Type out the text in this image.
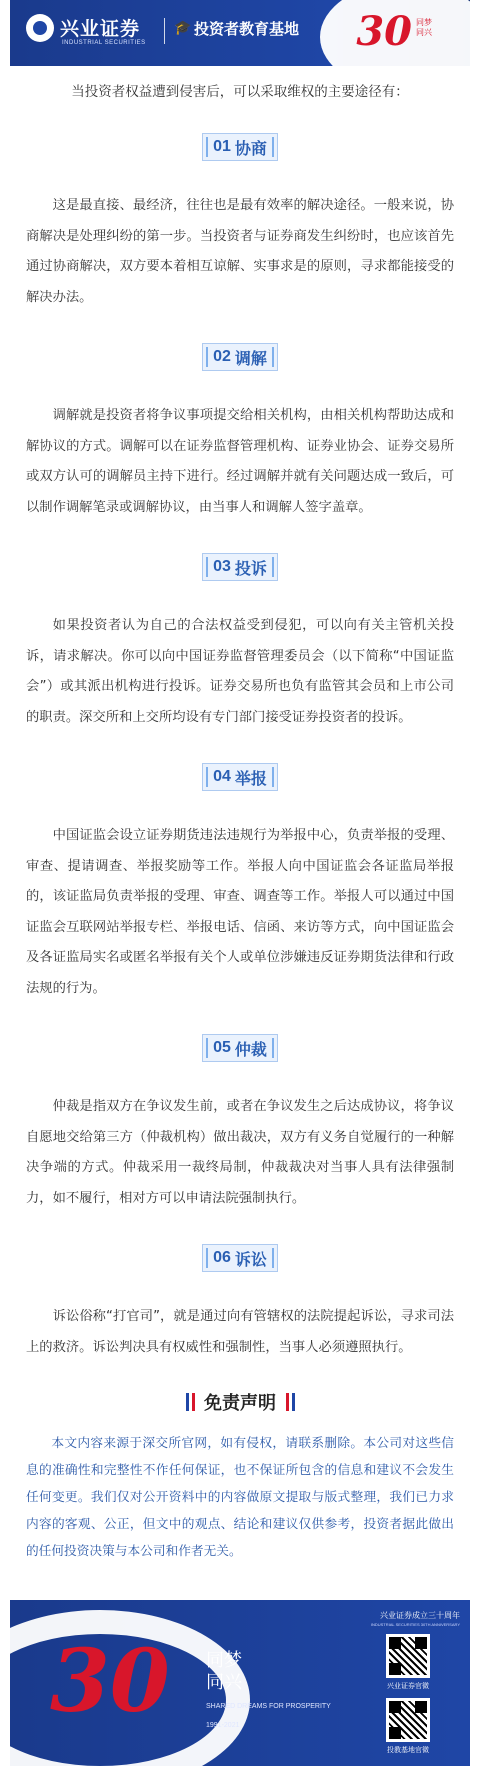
兴业证券
INDUSTRIAL SECURITIES
🎓 投资者教育基地 30 同梦同兴

当投资者权益遭到侵害后，可以采取维权的主要途径有：

01 协商

这是最直接、最经济，往往也是最有效率的解决途径。一般来说，协商解决是处理纠纷的第一步。当投资者与证券商发生纠纷时，也应该首先通过协商解决，双方要本着相互谅解、实事求是的原则，寻求都能接受的解决办法。

02 调解

调解就是投资者将争议事项提交给相关机构，由相关机构帮助达成和解协议的方式。调解可以在证券监督管理机构、证券业协会、证券交易所或双方认可的调解员主持下进行。经过调解并就有关问题达成一致后，可以制作调解笔录或调解协议，由当事人和调解人签字盖章。

03 投诉

如果投资者认为自己的合法权益受到侵犯，可以向有关主管机关投诉，请求解决。你可以向中国证券监督管理委员会（以下简称“中国证监会”）或其派出机构进行投诉。证券交易所也负有监管其会员和上市公司的职责。深交所和上交所均设有专门部门接受证券投资者的投诉。

04 举报

中国证监会设立证券期货违法违规行为举报中心，负责举报的受理、审查、提请调查、举报奖励等工作。举报人向中国证监会各证监局举报的，该证监局负责举报的受理、审查、调查等工作。举报人可以通过中国证监会互联网站举报专栏、举报电话、信函、来访等方式，向中国证监会及各证监局实名或匿名举报有关个人或单位涉嫌违反证券期货法律和行政法规的行为。

05 仲裁

仲裁是指双方在争议发生前，或者在争议发生之后达成协议，将争议自愿地交给第三方（仲裁机构）做出裁决，双方有义务自觉履行的一种解决争端的方式。仲裁采用一裁终局制，仲裁裁决对当事人具有法律强制力，如不履行，相对方可以申请法院强制执行。

06 诉讼

诉讼俗称“打官司”，就是通过向有管辖权的法院提起诉讼，寻求司法上的救济。诉讼判决具有权威性和强制性，当事人必须遵照执行。

免责声明

本文内容来源于深交所官网，如有侵权，请联系删除。本公司对这些信息的准确性和完整性不作任何保证，也不保证所包含的信息和建议不会发生任何变更。我们仅对公开资料中的内容做原文提取与版式整理，我们已力求内容的客观、公正，但文中的观点、结论和建议仅供参考，投资者据此做出的任何投资决策与本公司和作者无关。

30 同梦同兴
SHARED DREAMS FOR PROSPERITY
1991-2021
兴业证券成立三十周年
INDUSTRIAL SECURITIES 30TH ANNIVERSARY
兴业证券官微
投教基地官微
